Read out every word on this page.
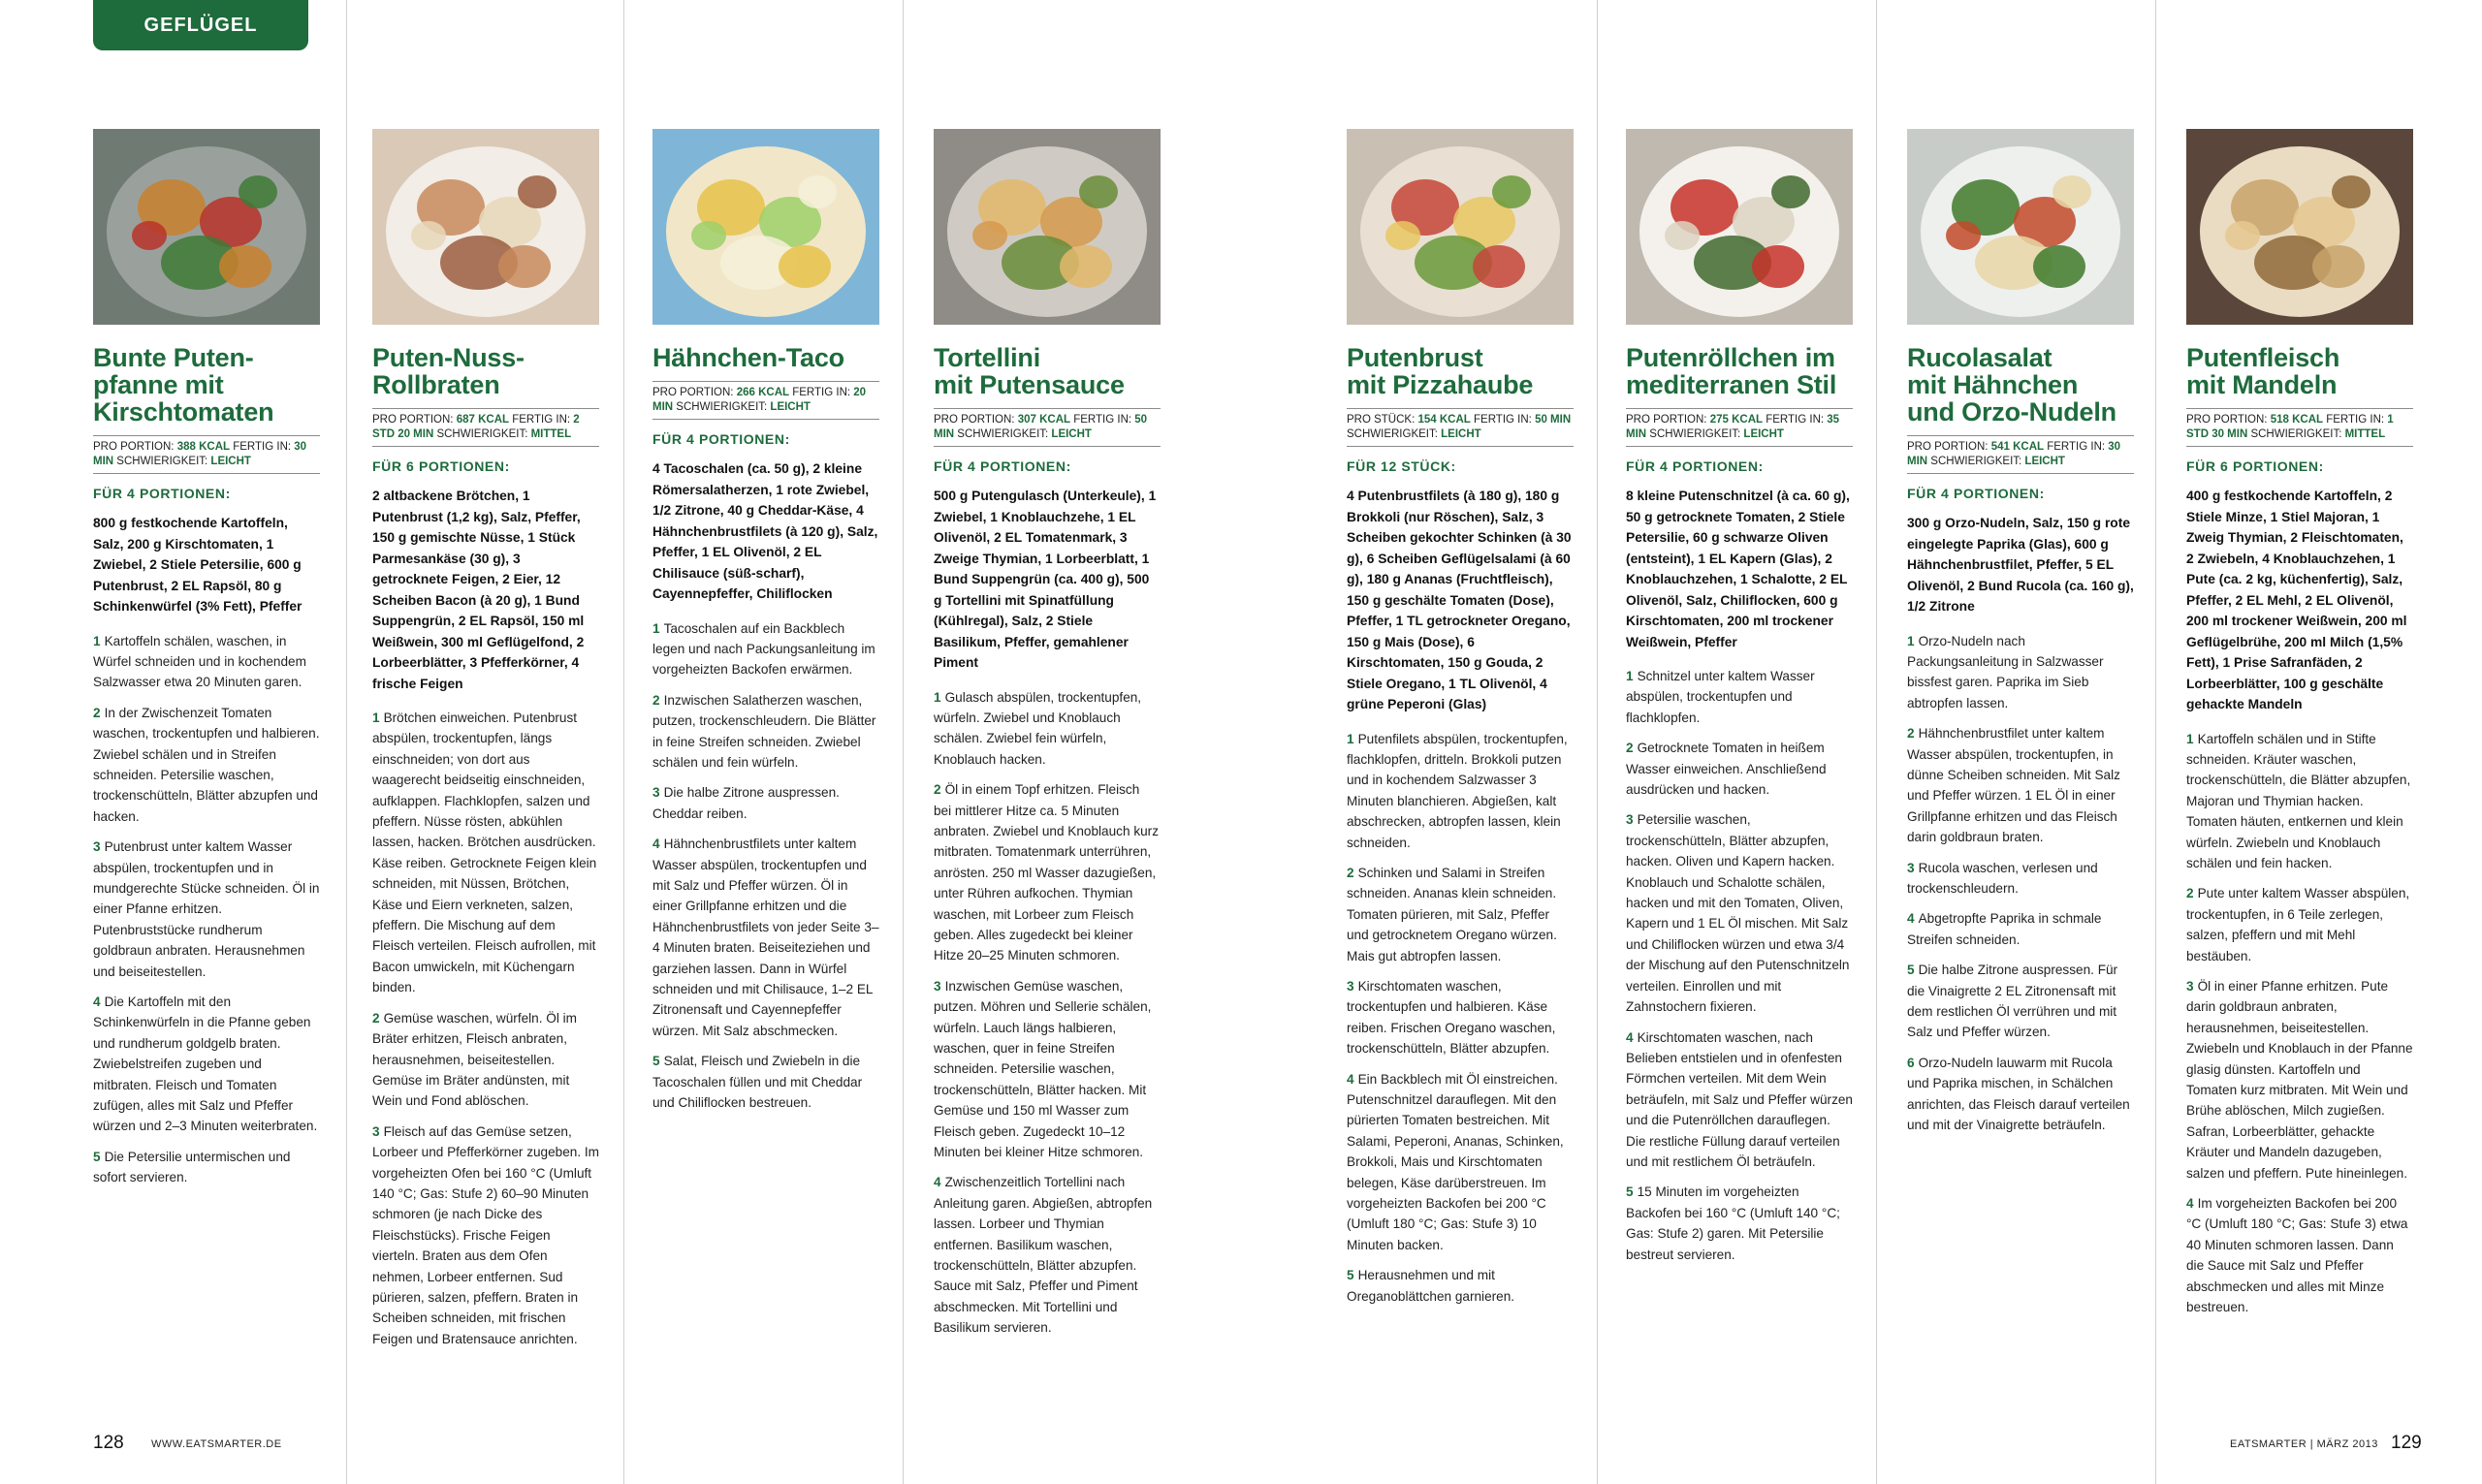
GEFLÜGEL
Bunte Puten-
pfanne mit
Kirschtomaten
PRO PORTION: 388 KCAL FERTIG IN: 30 MIN SCHWIERIGKEIT: LEICHT
FÜR 4 PORTIONEN:
800 g festkochende Kartoffeln, Salz, 200 g Kirschtomaten, 1 Zwiebel, 2 Stiele Petersilie, 600 g Putenbrust, 2 EL Rapsöl, 80 g Schinkenwürfel (3% Fett), Pfeffer
1 Kartoffeln schälen, waschen, in Würfel schneiden und in kochendem Salzwasser etwa 20 Minuten garen.
2 In der Zwischenzeit Tomaten waschen, trockentupfen und halbieren. Zwiebel schälen und in Streifen schneiden. Petersilie waschen, trockenschütteln, Blätter abzupfen und hacken.
3 Putenbrust unter kaltem Wasser abspülen, trockentupfen und in mundgerechte Stücke schneiden. Öl in einer Pfanne erhitzen. Putenbruststücke rundherum goldbraun anbraten. Herausnehmen und beiseitestellen.
4 Die Kartoffeln mit den Schinkenwürfeln in die Pfanne geben und rundherum goldgelb braten. Zwiebelstreifen zugeben und mitbraten. Fleisch und Tomaten zufügen, alles mit Salz und Pfeffer würzen und 2–3 Minuten weiterbraten.
5 Die Petersilie untermischen und sofort servieren.
Puten-Nuss-
Rollbraten
PRO PORTION: 687 KCAL FERTIG IN: 2 STD 20 MIN SCHWIERIGKEIT: MITTEL
FÜR 6 PORTIONEN:
2 altbackene Brötchen, 1 Putenbrust (1,2 kg), Salz, Pfeffer, 150 g gemischte Nüsse, 1 Stück Parmesankäse (30 g), 3 getrocknete Feigen, 2 Eier, 12 Scheiben Bacon (à 20 g), 1 Bund Suppengrün, 2 EL Rapsöl, 150 ml Weißwein, 300 ml Geflügelfond, 2 Lorbeerblätter, 3 Pfefferkörner, 4 frische Feigen
1 Brötchen einweichen. Putenbrust abspülen, trockentupfen, längs einschneiden; von dort aus waagerecht beidseitig einschneiden, aufklappen. Flachklopfen, salzen und pfeffern. Nüsse rösten, abkühlen lassen, hacken. Brötchen ausdrücken. Käse reiben. Getrocknete Feigen klein schneiden, mit Nüssen, Brötchen, Käse und Eiern verkneten, salzen, pfeffern. Die Mischung auf dem Fleisch verteilen. Fleisch aufrollen, mit Bacon umwickeln, mit Küchengarn binden.
2 Gemüse waschen, würfeln. Öl im Bräter erhitzen, Fleisch anbraten, herausnehmen, beiseitestellen. Gemüse im Bräter andünsten, mit Wein und Fond ablöschen.
3 Fleisch auf das Gemüse setzen, Lorbeer und Pfefferkörner zugeben. Im vorgeheizten Ofen bei 160 °C (Umluft 140 °C; Gas: Stufe 2) 60–90 Minuten schmoren (je nach Dicke des Fleischstücks). Frische Feigen vierteln. Braten aus dem Ofen nehmen, Lorbeer entfernen. Sud pürieren, salzen, pfeffern. Braten in Scheiben schneiden, mit frischen Feigen und Bratensauce anrichten.
Hähnchen-Taco
PRO PORTION: 266 KCAL FERTIG IN: 20 MIN SCHWIERIGKEIT: LEICHT
FÜR 4 PORTIONEN:
4 Tacoschalen (ca. 50 g), 2 kleine Römersalatherzen, 1 rote Zwiebel, 1/2 Zitrone, 40 g Cheddar-Käse, 4 Hähnchenbrustfilets (à 120 g), Salz, Pfeffer, 1 EL Olivenöl, 2 EL Chilisauce (süß-scharf), Cayennepfeffer, Chiliflocken
1 Tacoschalen auf ein Backblech legen und nach Packungsanleitung im vorgeheizten Backofen erwärmen.
2 Inzwischen Salatherzen waschen, putzen, trockenschleudern. Die Blätter in feine Streifen schneiden. Zwiebel schälen und fein würfeln.
3 Die halbe Zitrone auspressen. Cheddar reiben.
4 Hähnchenbrustfilets unter kaltem Wasser abspülen, trockentupfen und mit Salz und Pfeffer würzen. Öl in einer Grillpfanne erhitzen und die Hähnchenbrustfilets von jeder Seite 3–4 Minuten braten. Beiseiteziehen und garziehen lassen. Dann in Würfel schneiden und mit Chilisauce, 1–2 EL Zitronensaft und Cayennepfeffer würzen. Mit Salz abschmecken.
5 Salat, Fleisch und Zwiebeln in die Tacoschalen füllen und mit Cheddar und Chiliflocken bestreuen.
Tortellini
mit Putensauce
PRO PORTION: 307 KCAL FERTIG IN: 50 MIN SCHWIERIGKEIT: LEICHT
FÜR 4 PORTIONEN:
500 g Putengulasch (Unterkeule), 1 Zwiebel, 1 Knoblauchzehe, 1 EL Olivenöl, 2 EL Tomatenmark, 3 Zweige Thymian, 1 Lorbeerblatt, 1 Bund Suppengrün (ca. 400 g), 500 g Tortellini mit Spinatfüllung (Kühlregal), Salz, 2 Stiele Basilikum, Pfeffer, gemahlener Piment
1 Gulasch abspülen, trockentupfen, würfeln. Zwiebel und Knoblauch schälen. Zwiebel fein würfeln, Knoblauch hacken.
2 Öl in einem Topf erhitzen. Fleisch bei mittlerer Hitze ca. 5 Minuten anbraten. Zwiebel und Knoblauch kurz mitbraten. Tomatenmark unterrühren, anrösten. 250 ml Wasser dazugießen, unter Rühren aufkochen. Thymian waschen, mit Lorbeer zum Fleisch geben. Alles zugedeckt bei kleiner Hitze 20–25 Minuten schmoren.
3 Inzwischen Gemüse waschen, putzen. Möhren und Sellerie schälen, würfeln. Lauch längs halbieren, waschen, quer in feine Streifen schneiden. Petersilie waschen, trockenschütteln, Blätter hacken. Mit Gemüse und 150 ml Wasser zum Fleisch geben. Zugedeckt 10–12 Minuten bei kleiner Hitze schmoren.
4 Zwischenzeitlich Tortellini nach Anleitung garen. Abgießen, abtropfen lassen. Lorbeer und Thymian entfernen. Basilikum waschen, trockenschütteln, Blätter abzupfen. Sauce mit Salz, Pfeffer und Piment abschmecken. Mit Tortellini und Basilikum servieren.
Putenbrust
mit Pizzahaube
PRO STÜCK: 154 KCAL FERTIG IN: 50 MIN SCHWIERIGKEIT: LEICHT
FÜR 12 STÜCK:
4 Putenbrustfilets (à 180 g), 180 g Brokkoli (nur Röschen), Salz, 3 Scheiben gekochter Schinken (à 30 g), 6 Scheiben Geflügelsalami (à 60 g), 180 g Ananas (Fruchtfleisch), 150 g geschälte Tomaten (Dose), Pfeffer, 1 TL getrockneter Oregano, 150 g Mais (Dose), 6 Kirschtomaten, 150 g Gouda, 2 Stiele Oregano, 1 TL Olivenöl, 4 grüne Peperoni (Glas)
1 Putenfilets abspülen, trockentupfen, flachklopfen, dritteln. Brokkoli putzen und in kochendem Salzwasser 3 Minuten blanchieren. Abgießen, kalt abschrecken, abtropfen lassen, klein schneiden.
2 Schinken und Salami in Streifen schneiden. Ananas klein schneiden. Tomaten pürieren, mit Salz, Pfeffer und getrocknetem Oregano würzen. Mais gut abtropfen lassen.
3 Kirschtomaten waschen, trockentupfen und halbieren. Käse reiben. Frischen Oregano waschen, trockenschütteln, Blätter abzupfen.
4 Ein Backblech mit Öl einstreichen. Putenschnitzel darauflegen. Mit den pürierten Tomaten bestreichen. Mit Salami, Peperoni, Ananas, Schinken, Brokkoli, Mais und Kirschtomaten belegen, Käse darüberstreuen. Im vorgeheizten Backofen bei 200 °C (Umluft 180 °C; Gas: Stufe 3) 10 Minuten backen.
5 Herausnehmen und mit Oreganoblättchen garnieren.
Putenröllchen im
mediterranen Stil
PRO PORTION: 275 KCAL FERTIG IN: 35 MIN SCHWIERIGKEIT: LEICHT
FÜR 4 PORTIONEN:
8 kleine Putenschnitzel (à ca. 60 g), 50 g getrocknete Tomaten, 2 Stiele Petersilie, 60 g schwarze Oliven (entsteint), 1 EL Kapern (Glas), 2 Knoblauchzehen, 1 Schalotte, 2 EL Olivenöl, Salz, Chiliflocken, 600 g Kirschtomaten, 200 ml trockener Weißwein, Pfeffer
1 Schnitzel unter kaltem Wasser abspülen, trockentupfen und flachklopfen.
2 Getrocknete Tomaten in heißem Wasser einweichen. Anschließend ausdrücken und hacken.
3 Petersilie waschen, trockenschütteln, Blätter abzupfen, hacken. Oliven und Kapern hacken. Knoblauch und Schalotte schälen, hacken und mit den Tomaten, Oliven, Kapern und 1 EL Öl mischen. Mit Salz und Chiliflocken würzen und etwa 3/4 der Mischung auf den Putenschnitzeln verteilen. Einrollen und mit Zahnstochern fixieren.
4 Kirschtomaten waschen, nach Belieben entstielen und in ofenfesten Förmchen verteilen. Mit dem Wein beträufeln, mit Salz und Pfeffer würzen und die Putenröllchen darauflegen. Die restliche Füllung darauf verteilen und mit restlichem Öl beträufeln.
5 15 Minuten im vorgeheizten Backofen bei 160 °C (Umluft 140 °C; Gas: Stufe 2) garen. Mit Petersilie bestreut servieren.
Rucolasalat
mit Hähnchen
und Orzo-Nudeln
PRO PORTION: 541 KCAL FERTIG IN: 30 MIN SCHWIERIGKEIT: LEICHT
FÜR 4 PORTIONEN:
300 g Orzo-Nudeln, Salz, 150 g rote eingelegte Paprika (Glas), 600 g Hähnchenbrustfilet, Pfeffer, 5 EL Olivenöl, 2 Bund Rucola (ca. 160 g), 1/2 Zitrone
1 Orzo-Nudeln nach Packungsanleitung in Salzwasser bissfest garen. Paprika im Sieb abtropfen lassen.
2 Hähnchenbrustfilet unter kaltem Wasser abspülen, trockentupfen, in dünne Scheiben schneiden. Mit Salz und Pfeffer würzen. 1 EL Öl in einer Grillpfanne erhitzen und das Fleisch darin goldbraun braten.
3 Rucola waschen, verlesen und trockenschleudern.
4 Abgetropfte Paprika in schmale Streifen schneiden.
5 Die halbe Zitrone auspressen. Für die Vinaigrette 2 EL Zitronensaft mit dem restlichen Öl verrühren und mit Salz und Pfeffer würzen.
6 Orzo-Nudeln lauwarm mit Rucola und Paprika mischen, in Schälchen anrichten, das Fleisch darauf verteilen und mit der Vinaigrette beträufeln.
Putenfleisch
mit Mandeln
PRO PORTION: 518 KCAL FERTIG IN: 1 STD 30 MIN SCHWIERIGKEIT: MITTEL
FÜR 6 PORTIONEN:
400 g festkochende Kartoffeln, 2 Stiele Minze, 1 Stiel Majoran, 1 Zweig Thymian, 2 Fleischtomaten, 2 Zwiebeln, 4 Knoblauchzehen, 1 Pute (ca. 2 kg, küchenfertig), Salz, Pfeffer, 2 EL Mehl, 2 EL Olivenöl, 200 ml trockener Weißwein, 200 ml Geflügelbrühe, 200 ml Milch (1,5% Fett), 1 Prise Safranfäden, 2 Lorbeerblätter, 100 g geschälte gehackte Mandeln
1 Kartoffeln schälen und in Stifte schneiden. Kräuter waschen, trockenschütteln, die Blätter abzupfen, Majoran und Thymian hacken. Tomaten häuten, entkernen und klein würfeln. Zwiebeln und Knoblauch schälen und fein hacken.
2 Pute unter kaltem Wasser abspülen, trockentupfen, in 6 Teile zerlegen, salzen, pfeffern und mit Mehl bestäuben.
3 Öl in einer Pfanne erhitzen. Pute darin goldbraun anbraten, herausnehmen, beiseitestellen. Zwiebeln und Knoblauch in der Pfanne glasig dünsten. Kartoffeln und Tomaten kurz mitbraten. Mit Wein und Brühe ablöschen, Milch zugießen. Safran, Lorbeerblätter, gehackte Kräuter und Mandeln dazugeben, salzen und pfeffern. Pute hineinlegen.
4 Im vorgeheizten Backofen bei 200 °C (Umluft 180 °C; Gas: Stufe 3) etwa 40 Minuten schmoren lassen. Dann die Sauce mit Salz und Pfeffer abschmecken und alles mit Minze bestreuen.
128	WWW.EATSMARTER.DE	EATSMARTER | MÄRZ 2013 129
